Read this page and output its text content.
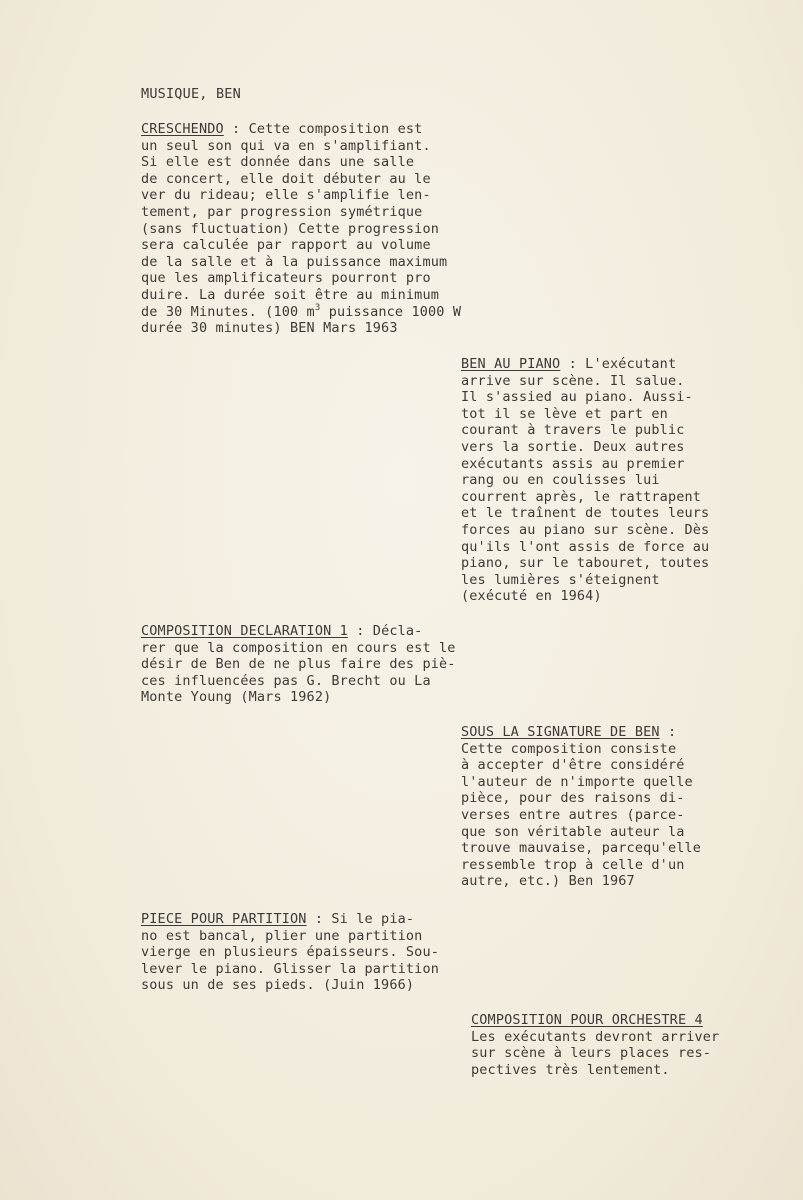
MUSIQUE, BEN
CRESCHENDO : Cette composition est
un seul son qui va en s'amplifiant.
Si elle est donnée dans une salle
de concert, elle doit débuter au le
ver du rideau; elle s'amplifie len-
tement, par progression symétrique
(sans fluctuation) Cette progression
sera calculée par rapport au volume
de la salle et à la puissance maximum
que les amplificateurs pourront pro
duire. La durée soit être au minimum
de 30 Minutes. (100 $m^3$ puissance 1000 W
durée 30 minutes) BEN Mars 1963
BEN AU PIANO : L'exécutant
arrive sur scène. Il salue.
Il s'assied au piano. Aussi-
tot il se lève et part en
courant à travers le public
vers la sortie. Deux autres
exécutants assis au premier
rang ou en coulisses lui
courrent après, le rattrapent
et le traînent de toutes leurs
forces au piano sur scène. Dès
qu'ils l'ont assis de force au
piano, sur le tabouret, toutes
les lumières s'éteignent
(exécuté en 1964)
COMPOSITION DECLARATION 1 : Décla-
rer que la composition en cours est le
désir de Ben de ne plus faire des piè-
ces influencées pas G. Brecht ou La
Monte Young (Mars 1962)
SOUS LA SIGNATURE DE BEN :
Cette composition consiste
à accepter d'être considéré
l'auteur de n'importe quelle
pièce, pour des raisons di-
verses entre autres (parce-
que son véritable auteur la
trouve mauvaise, parcequ'elle
ressemble trop à celle d'un
autre, etc.) Ben 1967
PIECE POUR PARTITION : Si le pia-
no est bancal, plier une partition
vierge en plusieurs épaisseurs. Sou-
lever le piano. Glisser la partition
sous un de ses pieds. (Juin 1966)
COMPOSITION POUR ORCHESTRE 4
Les exécutants devront arriver
sur scène à leurs places res-
pectives très lentement.
